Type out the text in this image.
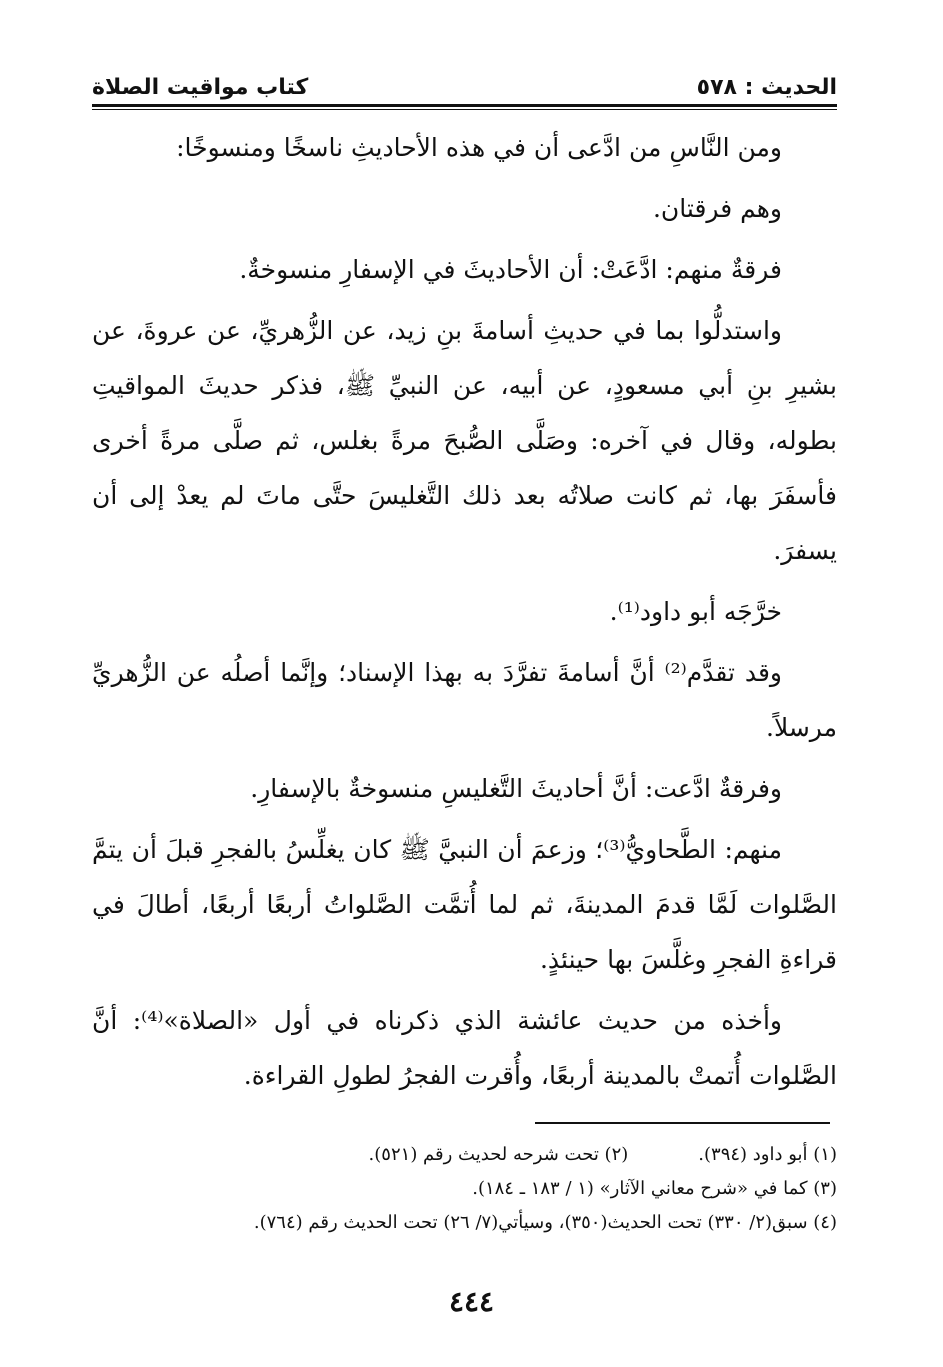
الحديث : ٥٧٨
كتاب مواقيت الصلاة

ومن النَّاسِ من ادَّعى أن في هذه الأحاديثِ ناسخًا ومنسوخًا:

وهم فرقتان.

فرقةٌ منهم: ادَّعَتْ: أن الأحاديثَ في الإسفارِ منسوخةٌ.

واستدلُّوا بما في حديثِ أسامةَ بنِ زيد، عن الزُّهريِّ، عن عروةَ، عن بشيرِ بنِ أبي مسعودٍ، عن أبيه، عن النبيِّ ﷺ، فذكر حديثَ المواقيتِ بطوله، وقال في آخره: وصَلَّى الصُّبحَ مرةً بغلس، ثم صلَّى مرةً أخرى فأسفَرَ بها، ثم كانت صلاتُه بعد ذلك التَّغليسَ حتَّى ماتَ لم يعدْ إلى أن يسفرَ.

خرَّجَه أبو داود⁽¹⁾.

وقد تقدَّم⁽²⁾ أنَّ أسامةَ تفرَّدَ به بهذا الإسناد؛ وإنَّما أصلُه عن الزُّهريِّ مرسلاً.

وفرقةٌ ادَّعت: أنَّ أحاديثَ التَّغليسِ منسوخةٌ بالإسفارِ.

منهم: الطَّحاويُّ⁽³⁾؛ وزعمَ أن النبيَّ ﷺ كان يغلِّسُ بالفجرِ قبلَ أن يتمَّ الصَّلوات لَمَّا قدمَ المدينةَ، ثم لما أُتمَّت الصَّلواتُ أربعًا أربعًا، أطالَ في قراءةِ الفجرِ وغلَّسَ بها حينئذٍ.

وأخذه من حديث عائشة الذي ذكرناه في أول «الصلاة»⁽⁴⁾: أنَّ الصَّلوات أُتمتْ بالمدينة أربعًا، وأُقرت الفجرُ لطولِ القراءة.

(١) أبو داود (٣٩٤).
(٢) تحت شرحه لحديث رقم (٥٢١).

(٣) كما في «شرح معاني الآثار» (١ / ١٨٣ ـ ١٨٤).

(٤) سبق(٢/ ٣٣٠) تحت الحديث(٣٥٠)، وسيأتي(٧/ ٢٦) تحت الحديث رقم (٧٦٤).

٤٤٤
